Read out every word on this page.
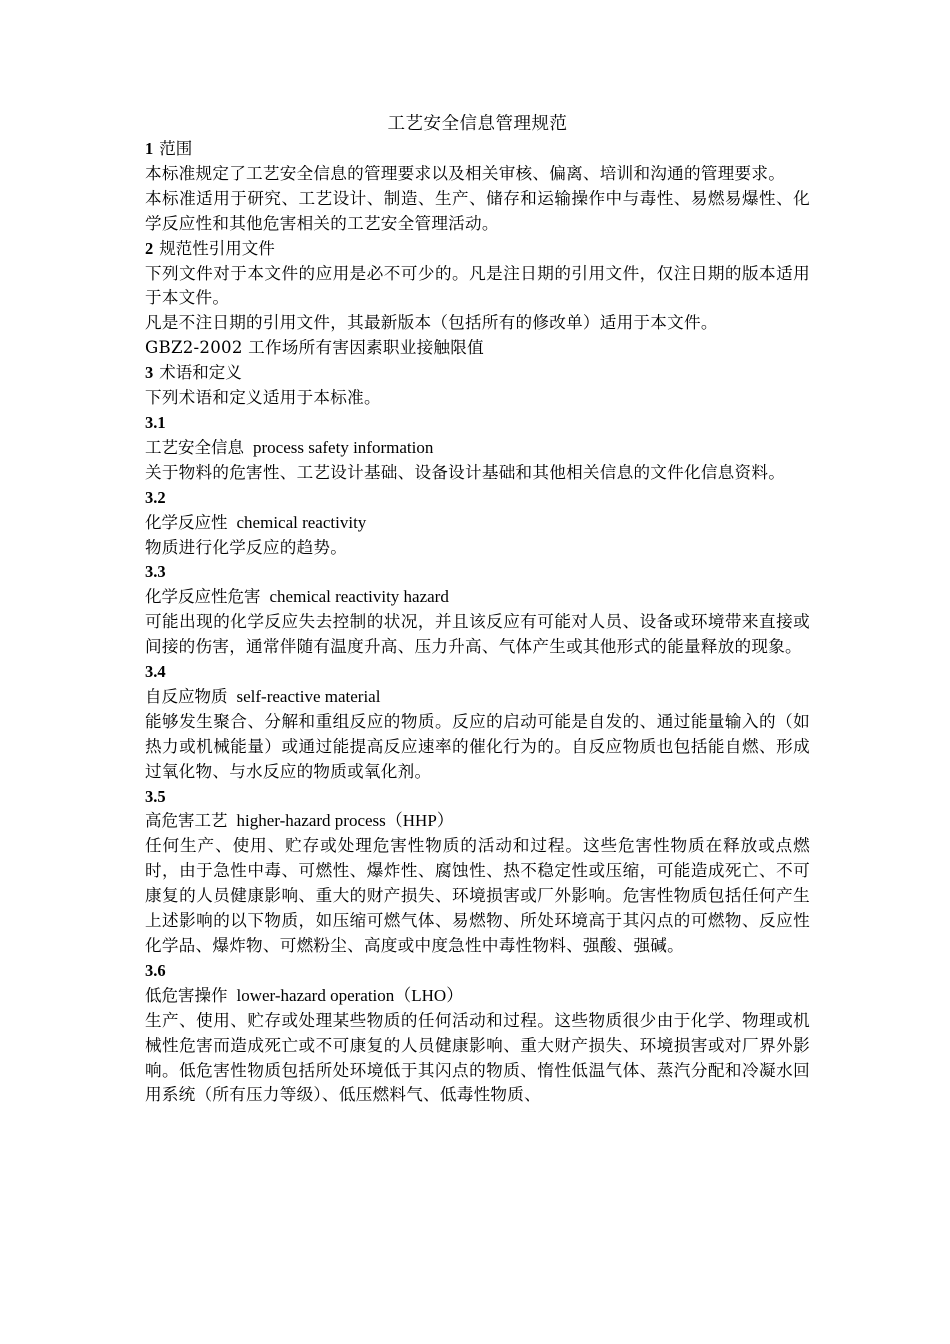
工艺安全信息管理规范

1 范围

本标准规定了工艺安全信息的管理要求以及相关审核、偏离、培训和沟通的管理要求。

本标准适用于研究、工艺设计、制造、生产、储存和运输操作中与毒性、易燃易爆性、化学反应性和其他危害相关的工艺安全管理活动。

2 规范性引用文件

下列文件对于本文件的应用是必不可少的。凡是注日期的引用文件，仅注日期的版本适用于本文件。

凡是不注日期的引用文件，其最新版本（包括所有的修改单）适用于本文件。

GBZ2-2002 工作场所有害因素职业接触限值

3 术语和定义

下列术语和定义适用于本标准。

3.1

工艺安全信息 process safety information

关于物料的危害性、工艺设计基础、设备设计基础和其他相关信息的文件化信息资料。

3.2

化学反应性 chemical reactivity

物质进行化学反应的趋势。

3.3

化学反应性危害 chemical reactivity hazard

可能出现的化学反应失去控制的状况，并且该反应有可能对人员、设备或环境带来直接或间接的伤害，通常伴随有温度升高、压力升高、气体产生或其他形式的能量释放的现象。

3.4

自反应物质 self-reactive material

能够发生聚合、分解和重组反应的物质。反应的启动可能是自发的、通过能量输入的（如热力或机械能量）或通过能提高反应速率的催化行为的。自反应物质也包括能自燃、形成过氧化物、与水反应的物质或氧化剂。

3.5

高危害工艺 higher-hazard process（HHP）

任何生产、使用、贮存或处理危害性物质的活动和过程。这些危害性物质在释放或点燃时，由于急性中毒、可燃性、爆炸性、腐蚀性、热不稳定性或压缩，可能造成死亡、不可康复的人员健康影响、重大的财产损失、环境损害或厂外影响。危害性物质包括任何产生上述影响的以下物质，如压缩可燃气体、易燃物、所处环境高于其闪点的可燃物、反应性化学品、爆炸物、可燃粉尘、高度或中度急性中毒性物料、强酸、强碱。

3.6

低危害操作 lower-hazard operation（LHO）

生产、使用、贮存或处理某些物质的任何活动和过程。这些物质很少由于化学、物理或机械性危害而造成死亡或不可康复的人员健康影响、重大财产损失、环境损害或对厂界外影响。低危害性物质包括所处环境低于其闪点的物质、惰性低温气体、蒸汽分配和冷凝水回用系统（所有压力等级）、低压燃料气、低毒性物质、
